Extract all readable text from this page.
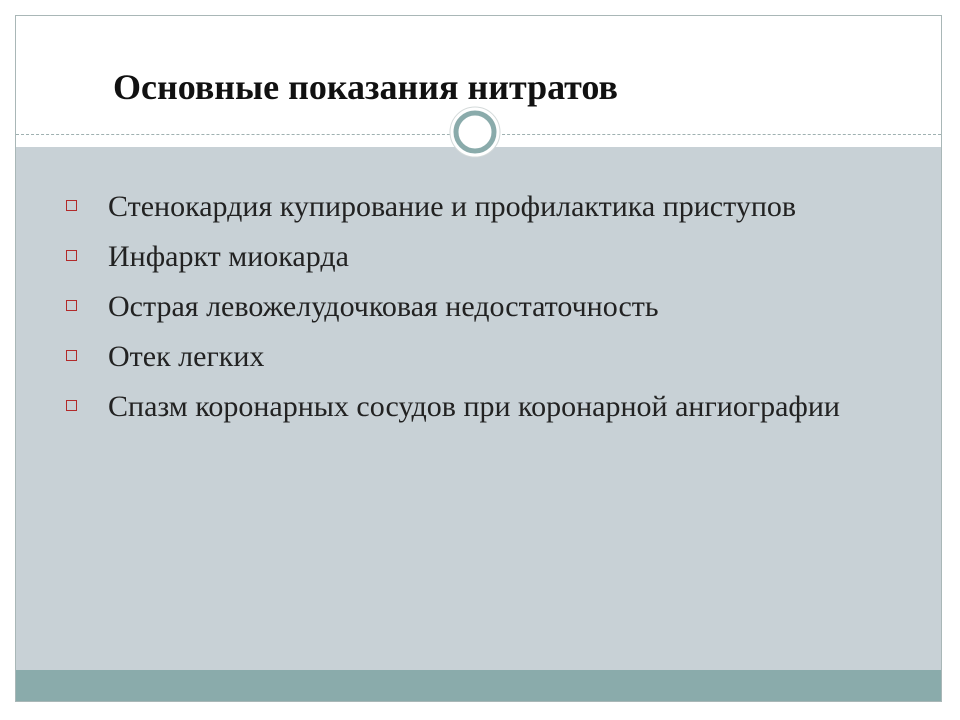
Основные показания нитратов
Стенокардия купирование и профилактика приступов
Инфаркт миокарда
Острая левожелудочковая недостаточность
Отек легких
Спазм коронарных сосудов при коронарной ангиографии
